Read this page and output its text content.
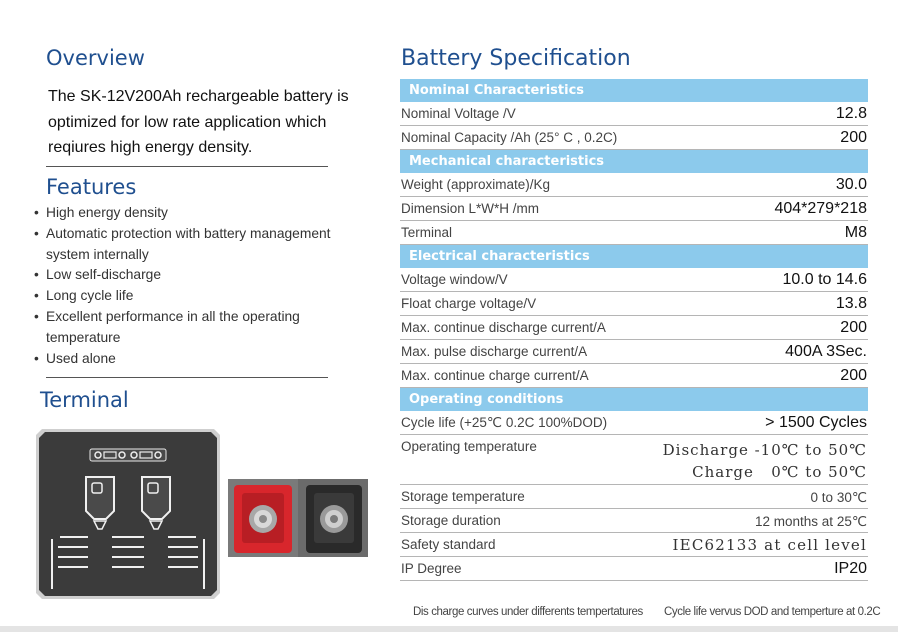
Overview

The SK-12V200Ah rechargeable battery is optimized for low rate application which reqiures high energy density.

Features
• High energy density
• Automatic protection with battery management system internally
• Low self-discharge
• Long cycle life
• Excellent performance in all the operating temperature
• Used alone
Terminal
Battery Specification
Nominal Characteristics
Nominal Voltage /V	12.8
Nominal Capacity /Ah (25° C , 0.2C)	200
Mechanical characteristics
Weight (approximate)/Kg	30.0
Dimension L*W*H /mm	404*279*218
Terminal	M8
Electrical characteristics
Voltage window/V	10.0 to 14.6
Float charge voltage/V	13.8
Max. continue discharge current/A	200
Max. pulse discharge current/A	400A 3Sec.
Max. continue charge current/A	200
Operating conditions
Cycle life (+25℃ 0.2C 100%DOD)	> 1500 Cycles
Operating temperature	Discharge -10℃ to 50℃
Charge   0℃ to 50℃
Storage temperature	0 to 30℃
Storage duration	12 months at 25℃
Safety standard	IEC62133 at cell level
IP Degree	IP20
Dis charge curves under differents tempertatures Cycle life vervus DOD and temperture at 0.2C
